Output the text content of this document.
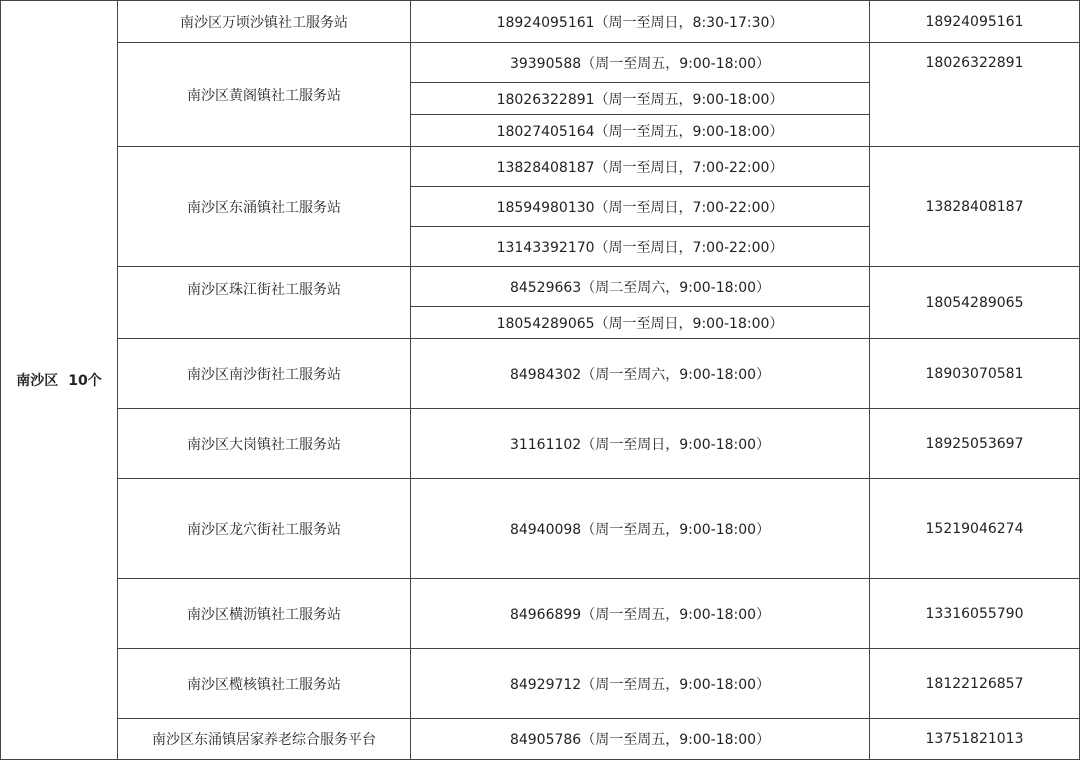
南沙区 10个	南沙区万顷沙镇社工服务站	18924095161（周一至周日，8:30-17:30）	18924095161
	南沙区黄阁镇社工服务站	39390588（周一至周五，9:00-18:00）	18026322891
		18026322891（周一至周五，9:00-18:00）	
		18027405164（周一至周五，9:00-18:00）	
	南沙区东涌镇社工服务站	13828408187（周一至周日，7:00-22:00）	13828408187
		18594980130（周一至周日，7:00-22:00）	
		13143392170（周一至周日，7:00-22:00）	
	南沙区珠江街社工服务站	84529663（周二至周六，9:00-18:00）	18054289065
		18054289065（周一至周日，9:00-18:00）	
	南沙区南沙街社工服务站	84984302（周一至周六，9:00-18:00）	18903070581
	南沙区大岗镇社工服务站	31161102（周一至周日，9:00-18:00）	18925053697
	南沙区龙穴街社工服务站	84940098（周一至周五，9:00-18:00）	15219046274
	南沙区横沥镇社工服务站	84966899（周一至周五，9:00-18:00）	13316055790
	南沙区榄核镇社工服务站	84929712（周一至周五，9:00-18:00）	18122126857
	南沙区东涌镇居家养老综合服务平台	84905786（周一至周五，9:00-18:00）	13751821013
